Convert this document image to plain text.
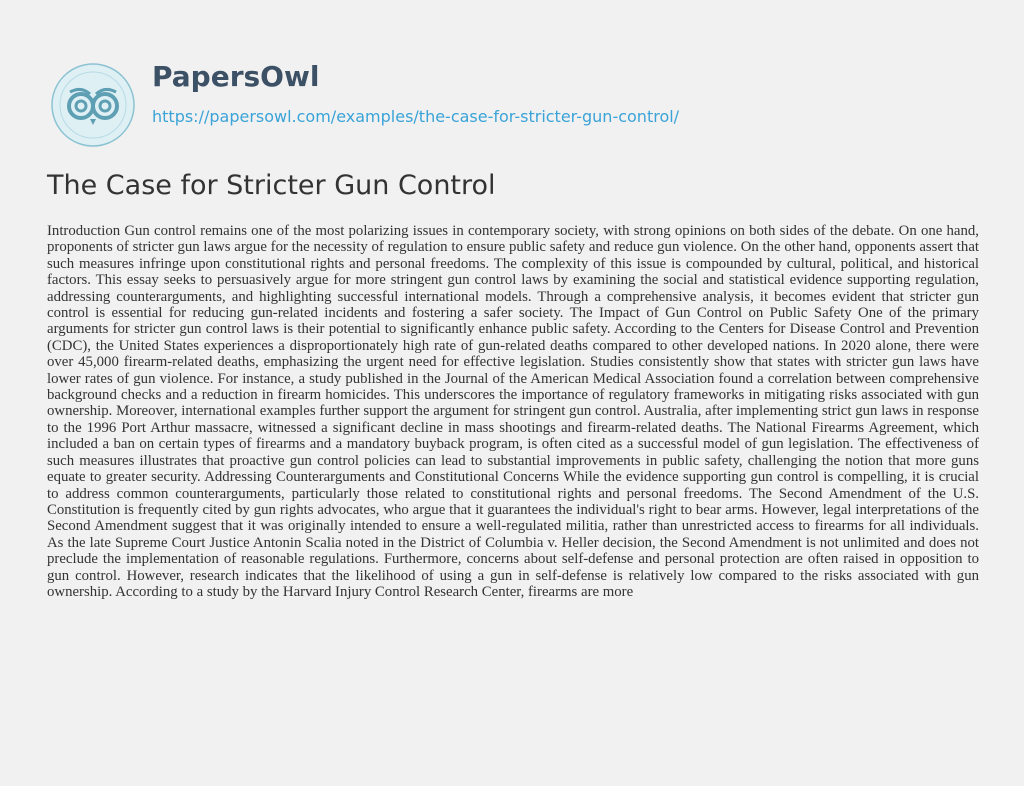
PapersOwl
https://papersowl.com/examples/the-case-for-stricter-gun-control/
The Case for Stricter Gun Control

Introduction Gun control remains one of the most polarizing issues in contemporary society, with strong opinions on both sides of the debate. On one hand, proponents of stricter gun laws argue for the necessity of regulation to ensure public safety and reduce gun violence. On the other hand, opponents assert that such measures infringe upon constitutional rights and personal freedoms. The complexity of this issue is compounded by cultural, political, and historical factors. This essay seeks to persuasively argue for more stringent gun control laws by examining the social and statistical evidence supporting regulation, addressing counterarguments, and highlighting successful international models. Through a comprehensive analysis, it becomes evident that stricter gun control is essential for reducing gun-related incidents and fostering a safer society. The Impact of Gun Control on Public Safety One of the primary arguments for stricter gun control laws is their potential to significantly enhance public safety. According to the Centers for Disease Control and Prevention (CDC), the United States experiences a disproportionately high rate of gun-related deaths compared to other developed nations. In 2020 alone, there were over 45,000 firearm-related deaths, emphasizing the urgent need for effective legislation. Studies consistently show that states with stricter gun laws have lower rates of gun violence. For instance, a study published in the Journal of the American Medical Association found a correlation between comprehensive background checks and a reduction in firearm homicides. This underscores the importance of regulatory frameworks in mitigating risks associated with gun ownership. Moreover, international examples further support the argument for stringent gun control. Australia, after implementing strict gun laws in response to the 1996 Port Arthur massacre, witnessed a significant decline in mass shootings and firearm-related deaths. The National Firearms Agreement, which included a ban on certain types of firearms and a mandatory buyback program, is often cited as a successful model of gun legislation. The effectiveness of such measures illustrates that proactive gun control policies can lead to substantial improvements in public safety, challenging the notion that more guns equate to greater security. Addressing Counterarguments and Constitutional Concerns While the evidence supporting gun control is compelling, it is crucial to address common counterarguments, particularly those related to constitutional rights and personal freedoms. The Second Amendment of the U.S. Constitution is frequently cited by gun rights advocates, who argue that it guarantees the individual's right to bear arms. However, legal interpretations of the Second Amendment suggest that it was originally intended to ensure a well-regulated militia, rather than unrestricted access to firearms for all individuals. As the late Supreme Court Justice Antonin Scalia noted in the District of Columbia v. Heller decision, the Second Amendment is not unlimited and does not preclude the implementation of reasonable regulations. Furthermore, concerns about self-defense and personal protection are often raised in opposition to gun control. However, research indicates that the likelihood of using a gun in self-defense is relatively low compared to the risks associated with gun ownership. According to a study by the Harvard Injury Control Research Center, firearms are more
